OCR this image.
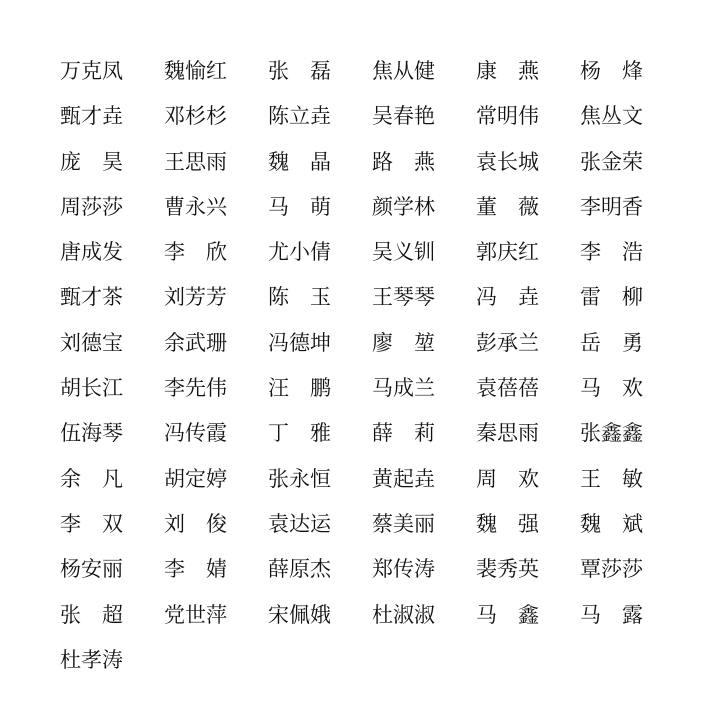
万克凤	魏愉红	张　磊	焦从健	康　燕	杨　烽
甄才垚	邓杉杉	陈立垚	吴春艳	常明伟	焦丛文
庞　昊	王思雨	魏　晶	路　燕	袁长城	张金荣
周莎莎	曹永兴	马　萌	颜学林	董　薇	李明香
唐成发	李　欣	尤小倩	吴义钏	郭庆红	李　浩
甄才茶	刘芳芳	陈　玉	王琴琴	冯　垚	雷　柳
刘德宝	余武珊	冯德坤	廖　堃	彭承兰	岳　勇
胡长江	李先伟	汪　鹏	马成兰	袁蓓蓓	马　欢
伍海琴	冯传霞	丁　雅	薛　莉	秦思雨	张鑫鑫
余　凡	胡定婷	张永恒	黄起垚	周　欢	王　敏
李　双	刘　俊	袁达运	蔡美丽	魏　强	魏　斌
杨安丽	李　婧	薛原杰	郑传涛	裴秀英	覃莎莎
张　超	党世萍	宋佩娥	杜淑淑	马　鑫	马　露
杜孝涛
